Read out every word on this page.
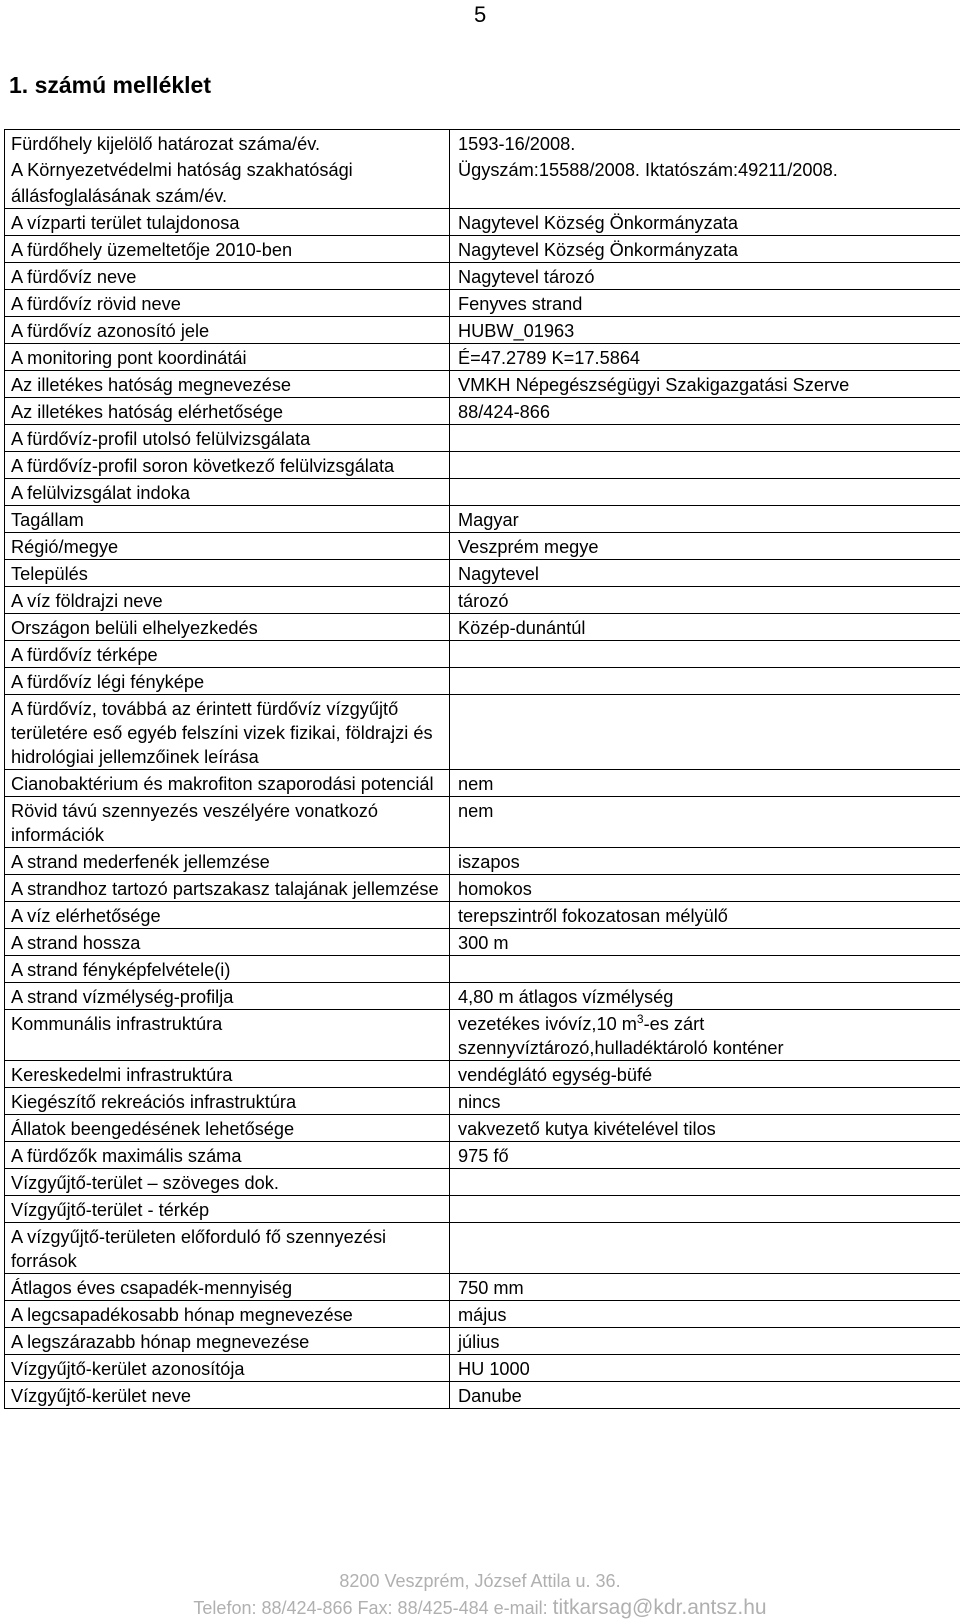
5
1. számú melléklet
Fürdőhely kijelölő határozat száma/év.	1593-16/2008.
A Környezetvédelmi hatóság szakhatósági	Ügyszám:15588/2008. Iktatószám:49211/2008.
állásfoglalásának szám/év.	
A vízparti terület tulajdonosa	Nagytevel Község Önkormányzata
A fürdőhely üzemeltetője 2010-ben	Nagytevel Község Önkormányzata
A fürdővíz neve	Nagytevel tározó
A fürdővíz rövid neve	Fenyves strand
A fürdővíz azonosító jele	HUBW_01963
A monitoring pont koordinátái	É=47.2789 K=17.5864
Az illetékes hatóság megnevezése	VMKH Népegészségügyi Szakigazgatási Szerve
Az illetékes hatóság elérhetősége	88/424-866
A fürdővíz-profil utolsó felülvizsgálata	
A fürdővíz-profil soron következő felülvizsgálata	
A felülvizsgálat indoka	
Tagállam	Magyar
Régió/megye	Veszprém megye
Település	Nagytevel
A víz földrajzi neve	tározó
Országon belüli elhelyezkedés	Közép-dunántúl
A fürdővíz térképe	
A fürdővíz légi fényképe	
A fürdővíz, továbbá az érintett fürdővíz vízgyűjtő területére eső egyéb felszíni vizek fizikai, földrajzi és hidrológiai jellemzőinek leírása	
Cianobaktérium és makrofiton szaporodási potenciál	nem
Rövid távú szennyezés veszélyére vonatkozó információk	nem
A strand mederfenék jellemzése	iszapos
A strandhoz tartozó partszakasz talajának jellemzése	homokos
A víz elérhetősége	terepszintről fokozatosan mélyülő
A strand hossza	300 m
A strand fényképfelvétele(i)	
A strand vízmélység-profilja	4,80 m átlagos vízmélység
Kommunális infrastruktúra	vezetékes ivóvíz,10 $m^3-es$ zárt szennyvíztározó,hulladéktároló konténer
Kereskedelmi infrastruktúra	vendéglátó egység-büfé
Kiegészítő rekreációs infrastruktúra	nincs
Állatok beengedésének lehetősége	vakvezető kutya kivételével tilos
A fürdőzők maximális száma	975 fő
Vízgyűjtő-terület – szöveges dok.	
Vízgyűjtő-terület - térkép	
A vízgyűjtő-területen előforduló fő szennyezési források	
Átlagos éves csapadék-mennyiség	750 mm
A legcsapadékosabb hónap megnevezése	május
A legszárazabb hónap megnevezése	július
Vízgyűjtő-kerület azonosítója	HU 1000
Vízgyűjtő-kerület neve	Danube
8200 Veszprém, József Attila u. 36.
Telefon: 88/424-866 Fax: 88/425-484 e-mail: titkarsag@kdr.antsz.hu
